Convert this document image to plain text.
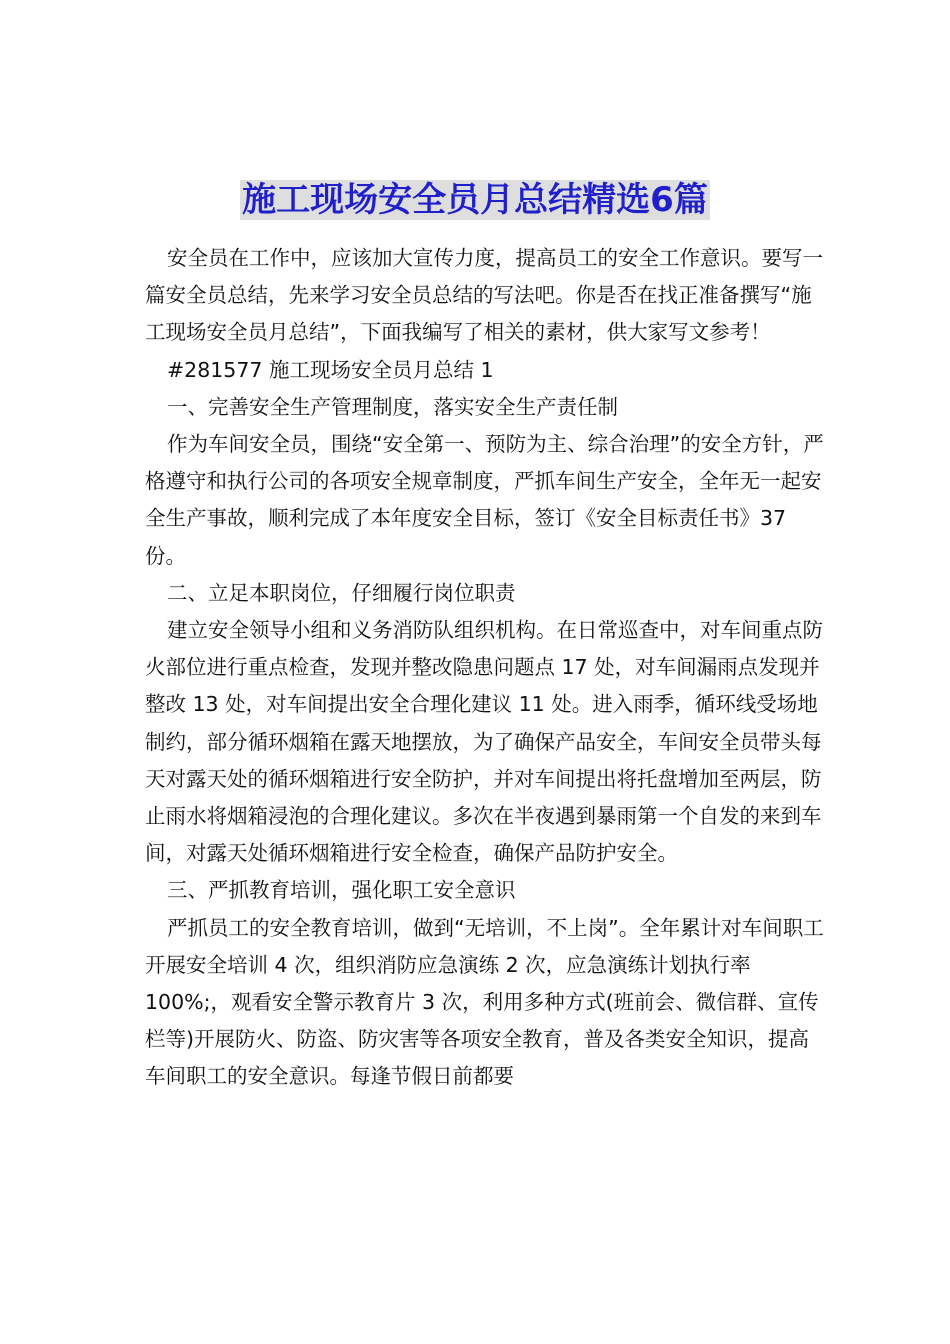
施工现场安全员月总结精选6篇

安全员在工作中，应该加大宣传力度，提高员工的安全工作意识。要写一篇安全员总结，先来学习安全员总结的写法吧。你是否在找正准备撰写“施工现场安全员月总结”，下面我编写了相关的素材，供大家写文参考！

#281577 施工现场安全员月总结 1

一、完善安全生产管理制度，落实安全生产责任制

作为车间安全员，围绕“安全第一、预防为主、综合治理”的安全方针，严格遵守和执行公司的各项安全规章制度，严抓车间生产安全，全年无一起安全生产事故，顺利完成了本年度安全目标，签订《安全目标责任书》37 份。

二、立足本职岗位，仔细履行岗位职责

建立安全领导小组和义务消防队组织机构。在日常巡查中，对车间重点防火部位进行重点检查，发现并整改隐患问题点 17 处，对车间漏雨点发现并整改 13 处，对车间提出安全合理化建议 11 处。进入雨季，循环线受场地制约，部分循环烟箱在露天地摆放，为了确保产品安全，车间安全员带头每天对露天处的循环烟箱进行安全防护，并对车间提出将托盘增加至两层，防止雨水将烟箱浸泡的合理化建议。多次在半夜遇到暴雨第一个自发的来到车间，对露天处循环烟箱进行安全检查，确保产品防护安全。

三、严抓教育培训，强化职工安全意识

严抓员工的安全教育培训，做到“无培训，不上岗”。全年累计对车间职工开展安全培训 4 次，组织消防应急演练 2 次，应急演练计划执行率 100%;，观看安全警示教育片 3 次，利用多种方式(班前会、微信群、宣传栏等)开展防火、防盗、防灾害等各项安全教育，普及各类安全知识，提高车间职工的安全意识。每逢节假日前都要
